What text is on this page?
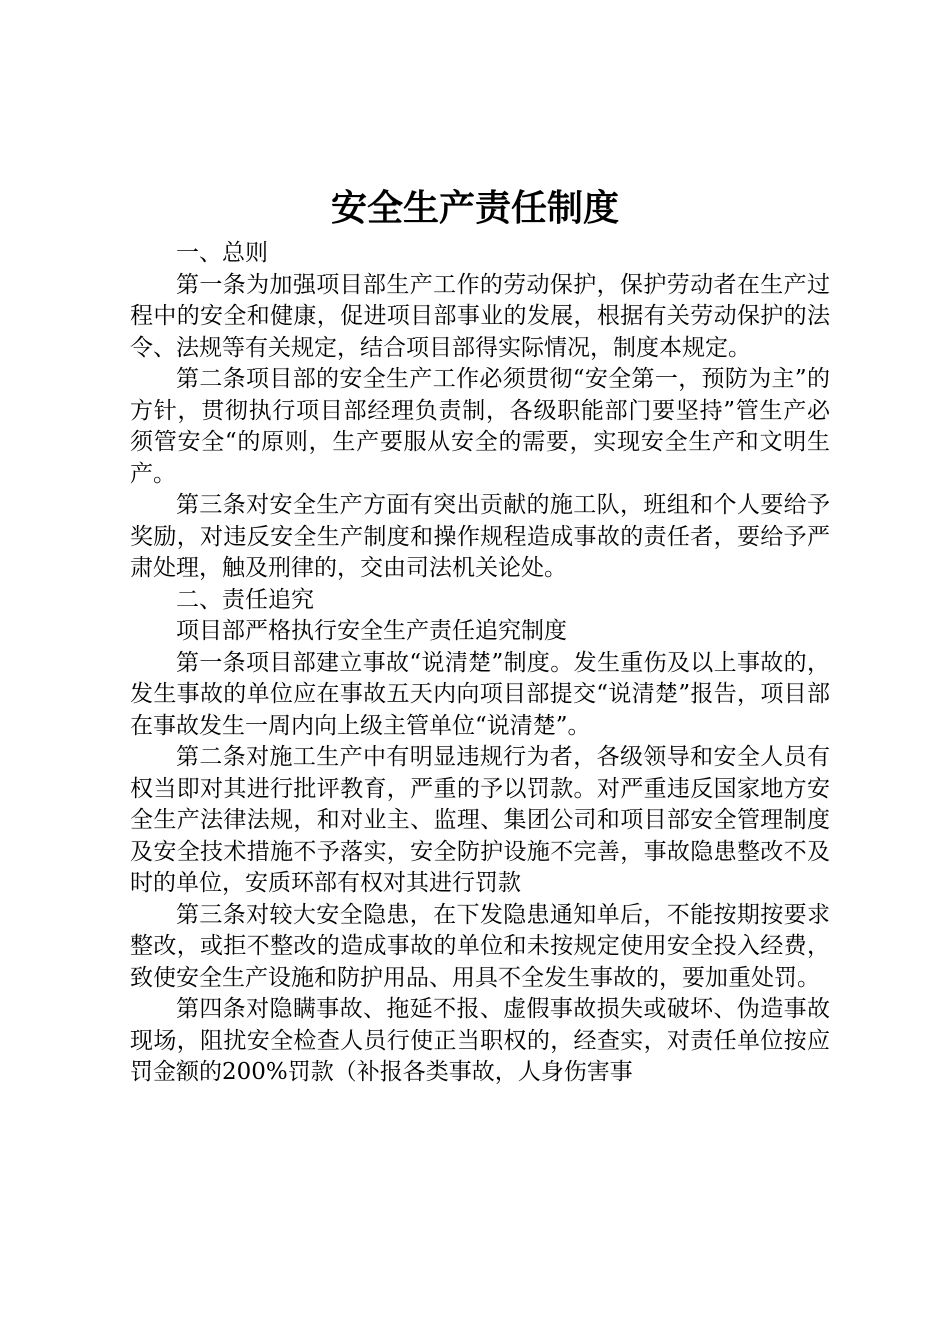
安全生产责任制度

一、总则

第一条为加强项目部生产工作的劳动保护，保护劳动者在生产过程中的安全和健康，促进项目部事业的发展，根据有关劳动保护的法令、法规等有关规定，结合项目部得实际情况，制度本规定。

第二条项目部的安全生产工作必须贯彻“安全第一，预防为主”的方针，贯彻执行项目部经理负责制，各级职能部门要坚持”管生产必须管安全“的原则，生产要服从安全的需要，实现安全生产和文明生产。

第三条对安全生产方面有突出贡献的施工队，班组和个人要给予奖励，对违反安全生产制度和操作规程造成事故的责任者，要给予严肃处理，触及刑律的，交由司法机关论处。

二、责任追究

项目部严格执行安全生产责任追究制度

第一条项目部建立事故“说清楚”制度。发生重伤及以上事故的，发生事故的单位应在事故五天内向项目部提交“说清楚”报告，项目部在事故发生一周内向上级主管单位“说清楚”。

第二条对施工生产中有明显违规行为者，各级领导和安全人员有权当即对其进行批评教育，严重的予以罚款。对严重违反国家地方安全生产法律法规，和对业主、监理、集团公司和项目部安全管理制度及安全技术措施不予落实，安全防护设施不完善，事故隐患整改不及时的单位，安质环部有权对其进行罚款

第三条对较大安全隐患，在下发隐患通知单后，不能按期按要求整改，或拒不整改的造成事故的单位和未按规定使用安全投入经费，致使安全生产设施和防护用品、用具不全发生事故的，要加重处罚。

第四条对隐瞒事故、拖延不报、虚假事故损失或破坏、伪造事故现场，阻扰安全检查人员行使正当职权的，经查实，对责任单位按应罚金额的200%罚款（补报各类事故，人身伤害事
